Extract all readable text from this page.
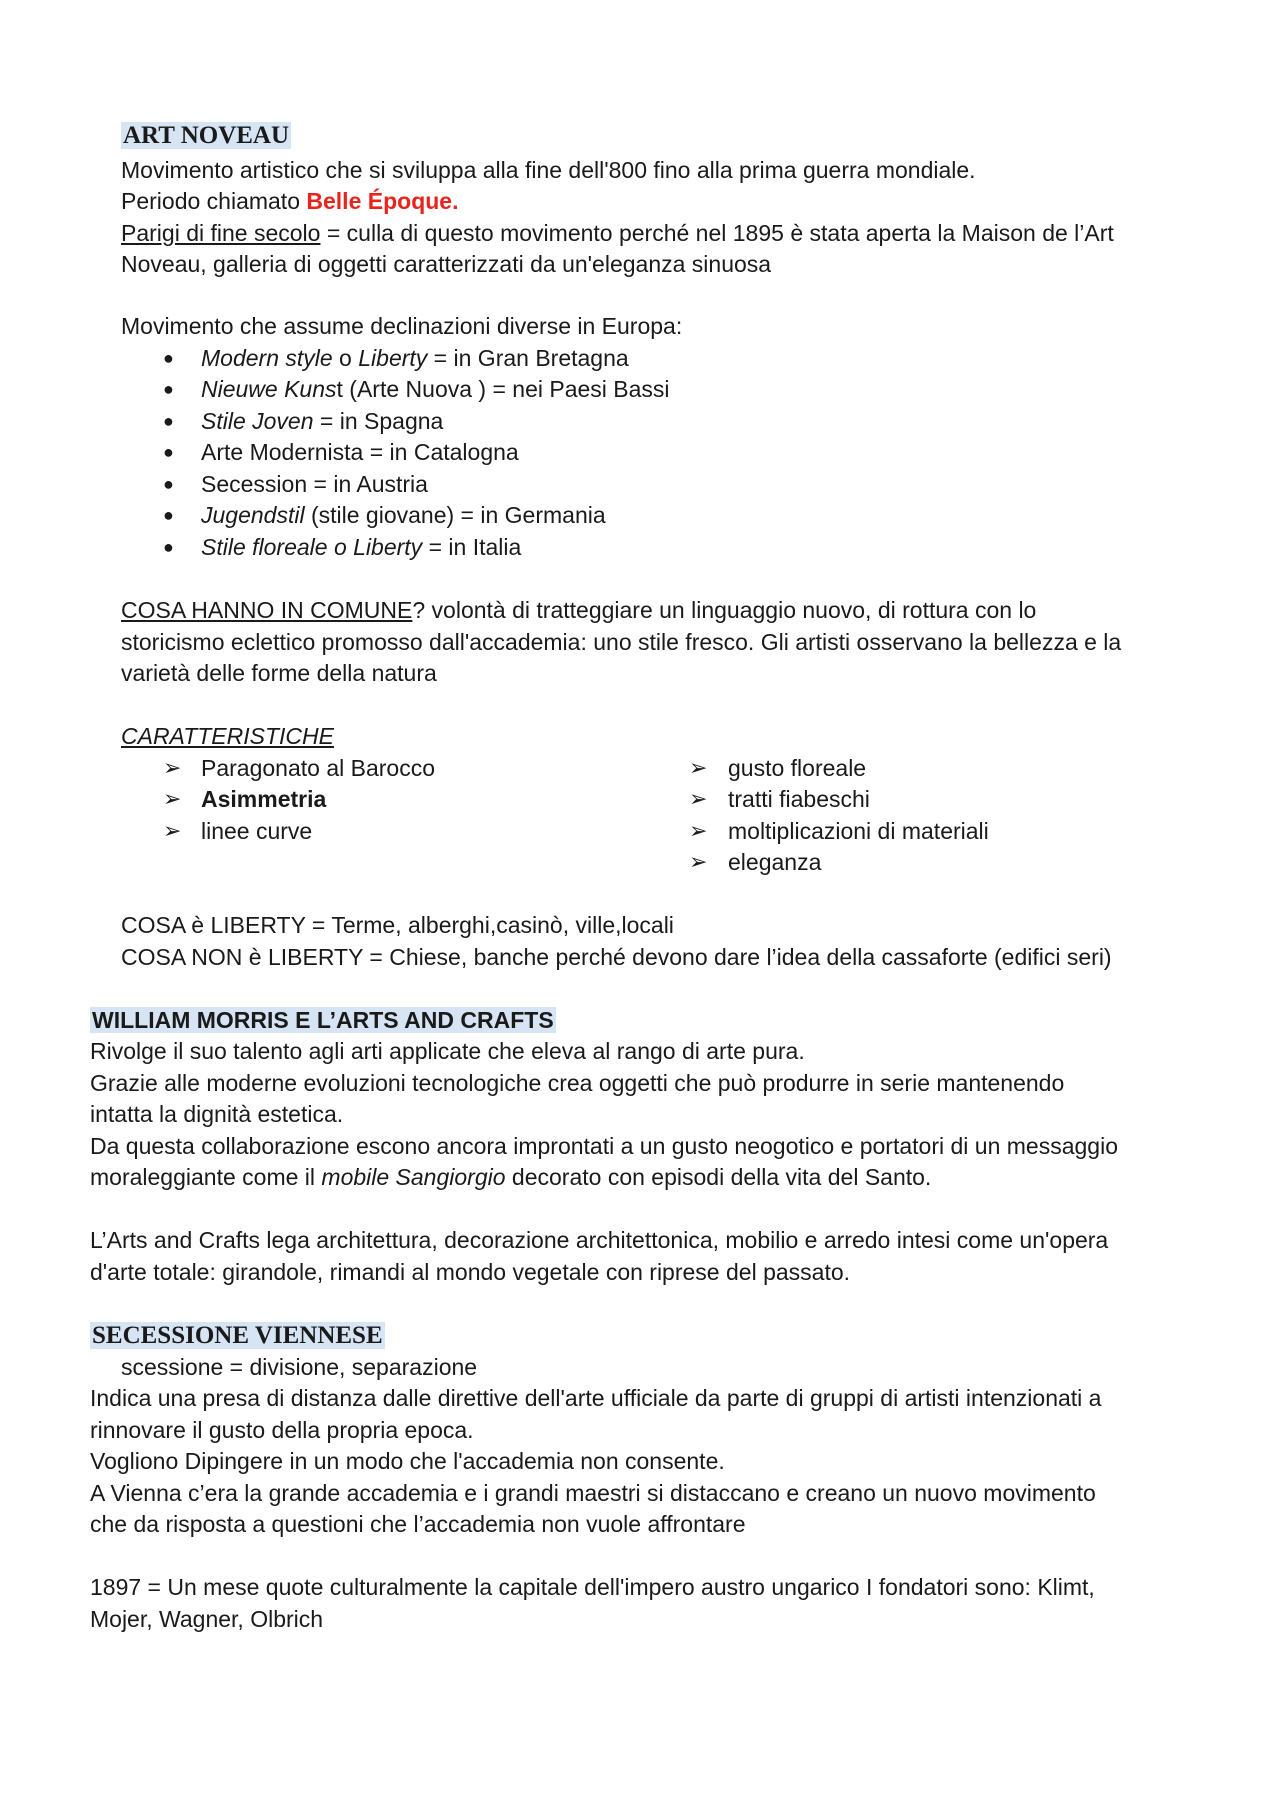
ART NOVEAU
Movimento artistico che si sviluppa alla fine dell'800 fino alla prima guerra mondiale.
Periodo chiamato Belle Époque.
Parigi di fine secolo = culla di questo movimento perché nel 1895 è stata aperta la Maison de l’Art
Noveau, galleria di oggetti caratterizzati da un'eleganza sinuosa
Movimento che assume declinazioni diverse in Europa:
● Modern style o Liberty = in Gran Bretagna
● Nieuwe Kunst (Arte Nuova ) = nei Paesi Bassi
● Stile Joven = in Spagna
● Arte Modernista = in Catalogna
● Secession = in Austria
● Jugendstil (stile giovane) = in Germania
● Stile floreale o Liberty = in Italia
COSA HANNO IN COMUNE? volontà di tratteggiare un linguaggio nuovo, di rottura con lo
storicismo eclettico promosso dall'accademia: uno stile fresco. Gli artisti osservano la bellezza e la
varietà delle forme della natura
CARATTERISTICHE
➢ Paragonato al Barocco
➢ Asimmetria
➢ linee curve
➢ gusto floreale
➢ tratti fiabeschi
➢ moltiplicazioni di materiali
➢ eleganza
COSA è LIBERTY = Terme, alberghi,casinò, ville,locali
COSA NON è LIBERTY = Chiese, banche perché devono dare l’idea della cassaforte (edifici seri)
WILLIAM MORRIS E L’ARTS AND CRAFTS
Rivolge il suo talento agli arti applicate che eleva al rango di arte pura.
Grazie alle moderne evoluzioni tecnologiche crea oggetti che può produrre in serie mantenendo
intatta la dignità estetica.
Da questa collaborazione escono ancora improntati a un gusto neogotico e portatori di un messaggio
moraleggiante come il mobile Sangiorgio decorato con episodi della vita del Santo.
L’Arts and Crafts lega architettura, decorazione architettonica, mobilio e arredo intesi come un'opera
d'arte totale: girandole, rimandi al mondo vegetale con riprese del passato.
SECESSIONE VIENNESE
scessione = divisione, separazione
Indica una presa di distanza dalle direttive dell'arte ufficiale da parte di gruppi di artisti intenzionati a
rinnovare il gusto della propria epoca.
Vogliono Dipingere in un modo che l'accademia non consente.
A Vienna c’era la grande accademia e i grandi maestri si distaccano e creano un nuovo movimento
che da risposta a questioni che l’accademia non vuole affrontare
1897 = Un mese quote culturalmente la capitale dell'impero austro ungarico I fondatori sono: Klimt,
Mojer, Wagner, Olbrich
